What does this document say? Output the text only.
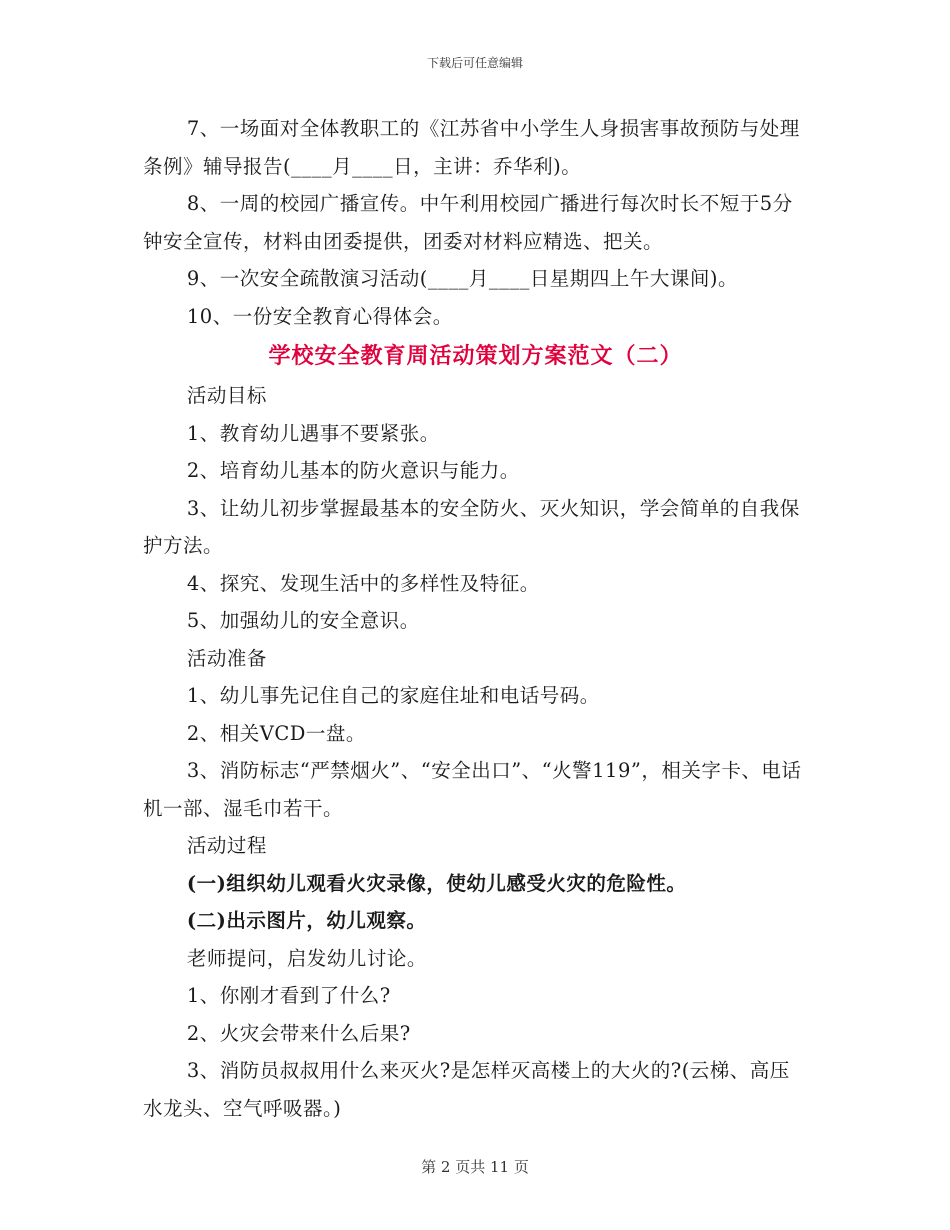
下载后可任意编辑

7、一场面对全体教职工的《江苏省中小学生人身损害事故预防与处理条例》辅导报告(____月____日，主讲：乔华利)。

8、一周的校园广播宣传。中午利用校园广播进行每次时长不短于5分钟安全宣传，材料由团委提供，团委对材料应精选、把关。

9、一次安全疏散演习活动(____月____日星期四上午大课间)。

10、一份安全教育心得体会。

学校安全教育周活动策划方案范文（二）

活动目标

1、教育幼儿遇事不要紧张。

2、培育幼儿基本的防火意识与能力。

3、让幼儿初步掌握最基本的安全防火、灭火知识，学会简单的自我保护方法。

4、探究、发现生活中的多样性及特征。

5、加强幼儿的安全意识。

活动准备

1、幼儿事先记住自己的家庭住址和电话号码。

2、相关VCD一盘。

3、消防标志“严禁烟火”、“安全出口”、“火警119”，相关字卡、电话机一部、湿毛巾若干。

活动过程

(一)组织幼儿观看火灾录像，使幼儿感受火灾的危险性。

(二)出示图片，幼儿观察。

老师提问，启发幼儿讨论。

1、你刚才看到了什么?

2、火灾会带来什么后果?

3、消防员叔叔用什么来灭火?是怎样灭高楼上的大火的?(云梯、高压水龙头、空气呼吸器。)

第 2 页共 11 页
